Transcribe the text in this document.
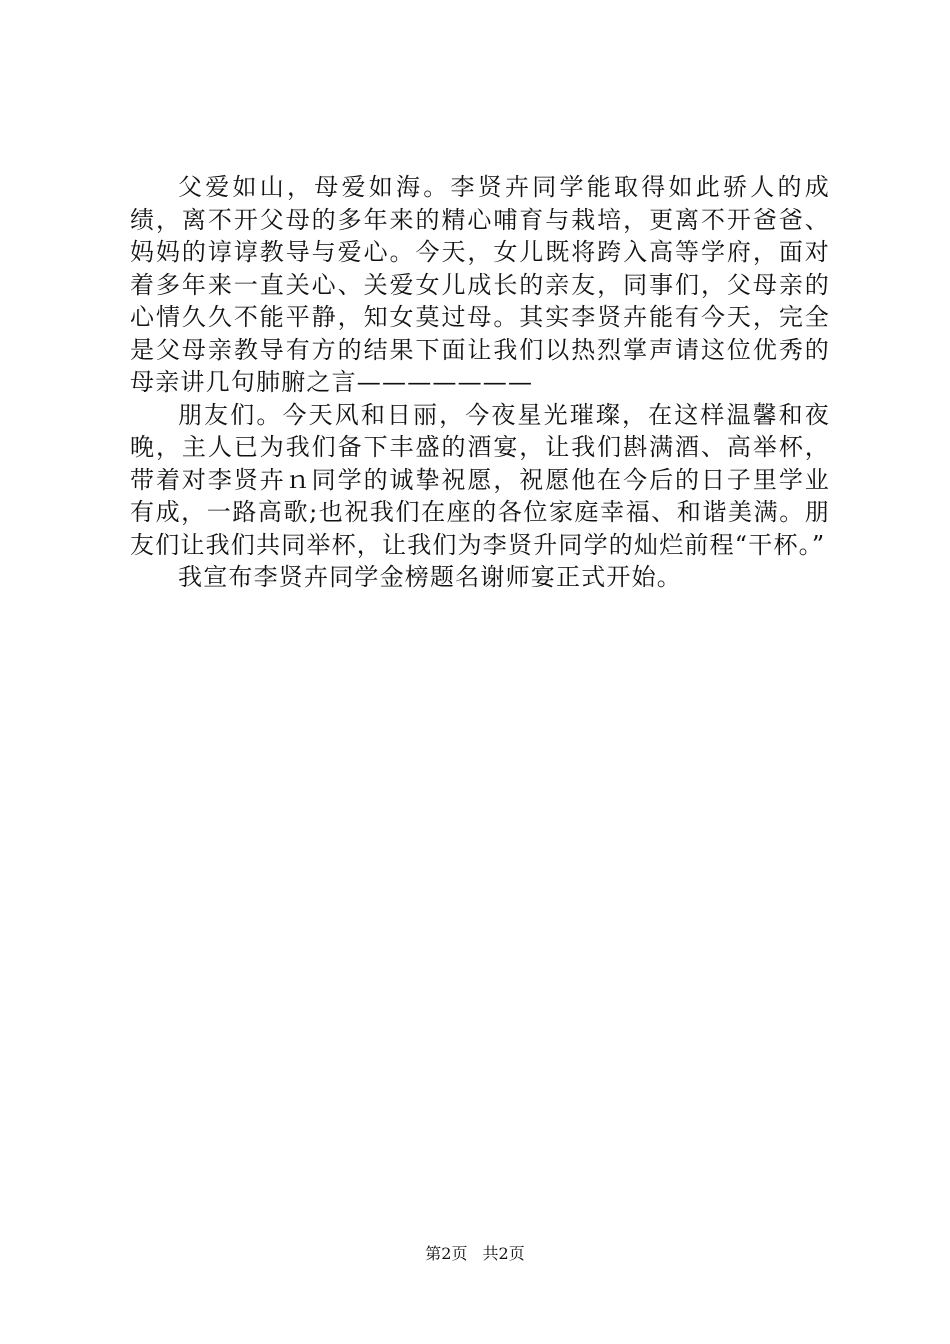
父爱如山，母爱如海。李贤卉同学能取得如此骄人的成绩，离不开父母的多年来的精心哺育与栽培，更离不开爸爸、妈妈的谆谆教导与爱心。今天，女儿既将跨入高等学府，面对着多年来一直关心、关爱女儿成长的亲友，同事们，父母亲的心情久久不能平静，知女莫过母。其实李贤卉能有今天，完全是父母亲教导有方的结果下面让我们以热烈掌声请这位优秀的母亲讲几句肺腑之言———————

朋友们。今天风和日丽，今夜星光璀璨，在这样温馨和夜晚，主人已为我们备下丰盛的酒宴，让我们斟满酒、高举杯，带着对李贤卉ｎ同学的诚挚祝愿，祝愿他在今后的日子里学业有成，一路高歌;也祝我们在座的各位家庭幸福、和谐美满。朋友们让我们共同举杯，让我们为李贤升同学的灿烂前程“干杯。”

我宣布李贤卉同学金榜题名谢师宴正式开始。

第2页 共2页
